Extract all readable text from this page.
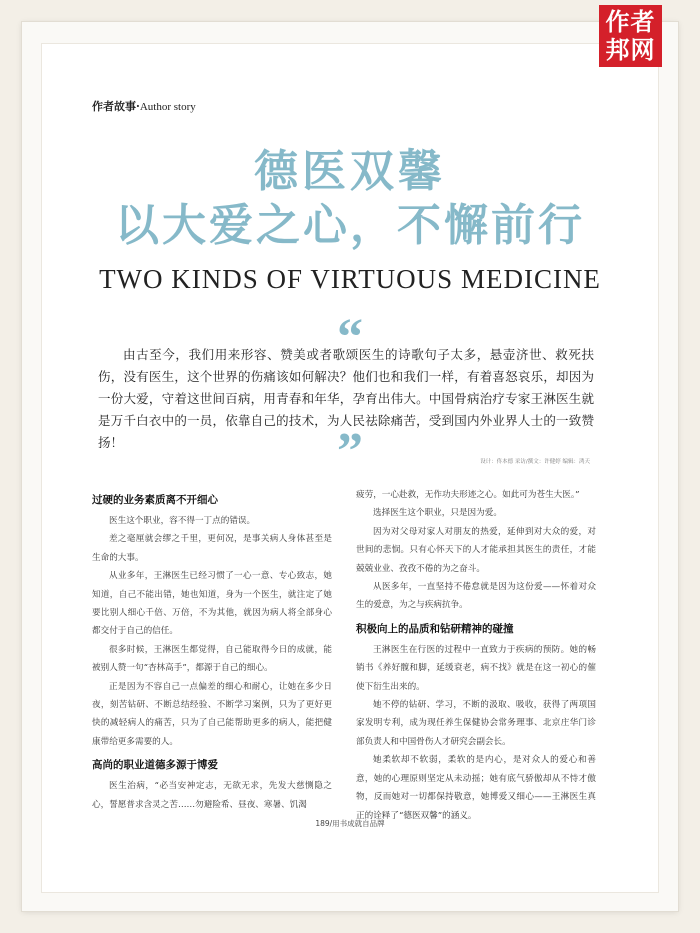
作者
邦网
作者故事·Author story
德医双馨
以大爱之心，不懈前行
TWO KINDS OF VIRTUOUS MEDICINE
“
由古至今，我们用来形容、赞美或者歌颂医生的诗歌句子太多，悬壶济世、救死扶伤，没有医生，这个世界的伤痛该如何解决？他们也和我们一样，有着喜怒哀乐，却因为一份大爱，守着这世间百病，用青春和年华，孕育出伟大。中国骨病治疗专家王淋医生就是万千白衣中的一员，依靠自己的技术，为人民祛除痛苦，受到国内外业界人士的一致赞扬！	”	设计：佟本德 采访/撰文：许健婷 编辑：鸿天
过硬的业务素质离不开细心

医生这个职业，容不得一丁点的错误。

差之毫厘就会缪之千里，更何况，是事关病人身体甚至是生命的大事。

从业多年，王淋医生已经习惯了一心一意、专心致志，她知道，自己不能出错，她也知道，身为一个医生，就注定了她要比别人细心千倍、万倍，不为其他，就因为病人将全部身心都交付于自己的信任。

很多时候，王淋医生都觉得，自己能取得今日的成就，能被别人赞一句“杏林高手”，都源于自己的细心。

正是因为不容自己一点偏差的细心和耐心，让她在多少日夜，刻苦钻研、不断总结经验、不断学习案例，只为了更好更快的减轻病人的痛苦，只为了自己能帮助更多的病人，能把健康带给更多需要的人。

高尚的职业道德多源于博爱

医生治病，“必当安神定志，无欲无求，先发大慈恻隐之心，誓愿普求含灵之苦……勿避险希、昼夜、寒暑、饥渴

疲劳，一心赴救，无作功夫形迹之心。如此可为苍生大医。”

选择医生这个职业，只是因为爱。

因为对父母对家人对朋友的热爱，延伸到对大众的爱，对世间的悲悯。只有心怀天下的人才能承担其医生的责任，才能兢兢业业、孜孜不倦的为之奋斗。

从医多年，一直坚持不倦怠就是因为这份爱——怀着对众生的爱意，为之与疾病抗争。

积极向上的品质和钻研精神的碰撞

王淋医生在行医的过程中一直致力于疾病的预防。她的畅销书《养好髋和脚，延缓衰老，病不找》就是在这一初心的催使下衍生出来的。

她不停的钻研、学习，不断的汲取、吸收，获得了两项国家发明专利，成为现任养生保健协会常务理事、北京庄华门诊部负责人和中国骨伤人才研究会副会长。

她柔软却不软弱，柔软的是内心，是对众人的爱心和善意，她的心理原则坚定从未动摇；她有底气骄傲却从不恃才傲物，反而她对一切都保持敬意，她博爱又细心——王淋医生真正的诠释了“德医双馨”的涵义。

189/用书成就自品牌
